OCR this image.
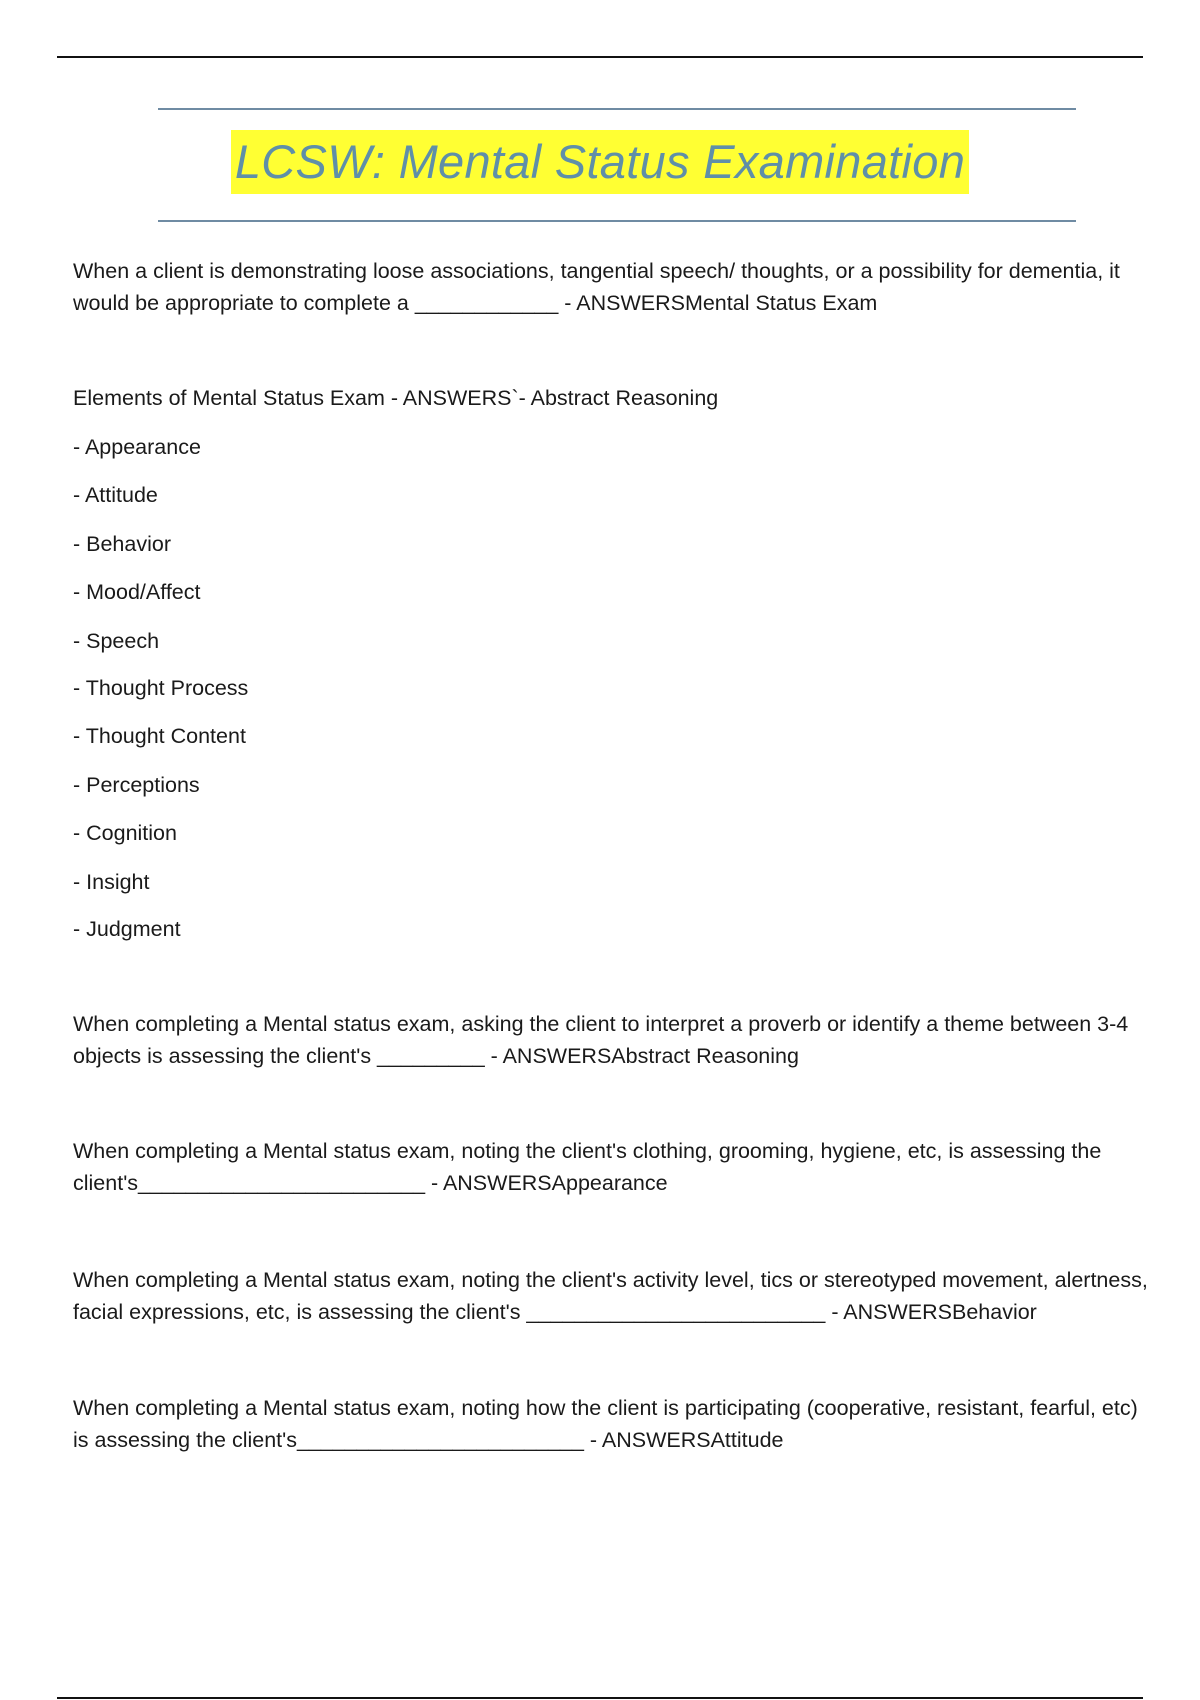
LCSW: Mental Status Examination
When a client is demonstrating loose associations, tangential speech/ thoughts, or a possibility for dementia, it would be appropriate to complete a ____________ - ANSWERSMental Status Exam
Elements of Mental Status Exam - ANSWERS`- Abstract Reasoning
- Appearance
- Attitude
- Behavior
- Mood/Affect
- Speech
- Thought Process
- Thought Content
- Perceptions
- Cognition
- Insight
- Judgment
When completing a Mental status exam, asking the client to interpret a proverb or identify a theme between 3-4 objects is assessing the client's _________ - ANSWERSAbstract Reasoning
When completing a Mental status exam, noting the client's clothing, grooming, hygiene, etc, is assessing the client's________________________ - ANSWERSAppearance
When completing a Mental status exam, noting the client's activity level, tics or stereotyped movement, alertness, facial expressions, etc, is assessing the client's _________________________ - ANSWERSBehavior
When completing a Mental status exam, noting how the client is participating (cooperative, resistant, fearful, etc) is assessing the client's________________________ - ANSWERSAttitude
